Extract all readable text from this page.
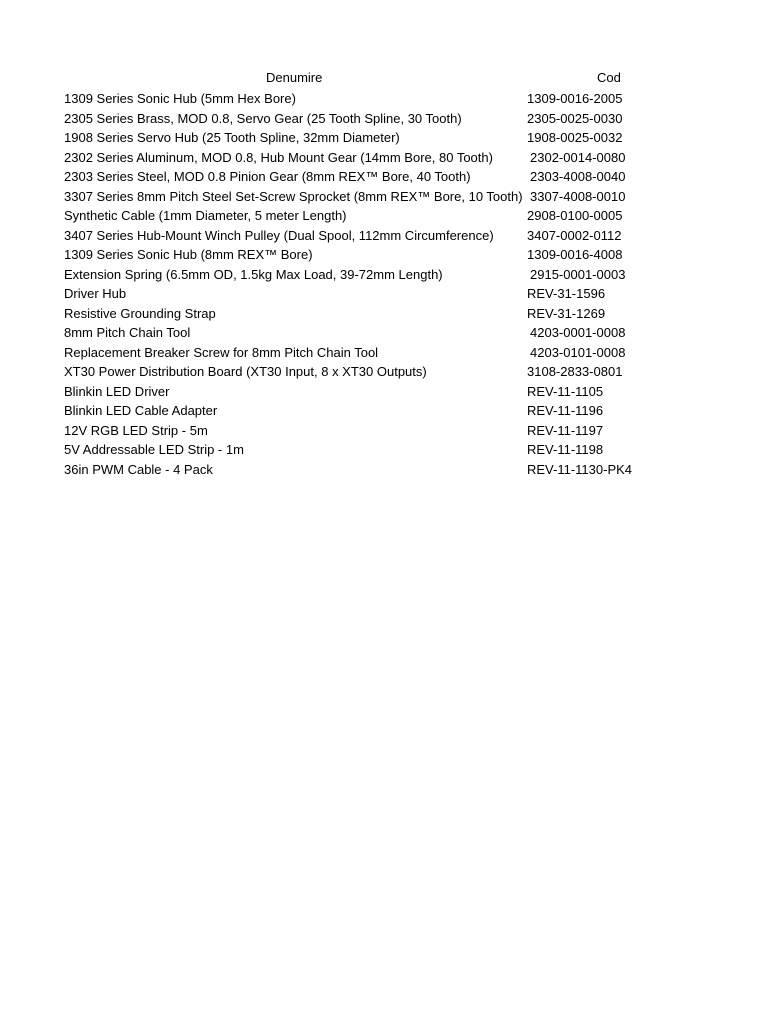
Denumire	Cod
1309 Series Sonic Hub (5mm Hex Bore)	1309-0016-2005
2305 Series Brass, MOD 0.8, Servo Gear (25 Tooth Spline, 30 Tooth)	2305-0025-0030
1908 Series Servo Hub (25 Tooth Spline, 32mm Diameter)	1908-0025-0032
2302 Series Aluminum, MOD 0.8, Hub Mount Gear (14mm Bore, 80 Tooth)	2302-0014-0080
2303 Series Steel, MOD 0.8 Pinion Gear (8mm REX™ Bore, 40 Tooth)	2303-4008-0040
3307 Series 8mm Pitch Steel Set-Screw Sprocket (8mm REX™ Bore, 10 Tooth) 3307-4008-0010
Synthetic Cable (1mm Diameter, 5 meter Length)	2908-0100-0005
3407 Series Hub-Mount Winch Pulley (Dual Spool, 112mm Circumference)	3407-0002-0112
1309 Series Sonic Hub (8mm REX™ Bore)	1309-0016-4008
Extension Spring (6.5mm OD, 1.5kg Max Load, 39-72mm Length)	2915-0001-0003
Driver Hub	REV-31-1596
Resistive Grounding Strap	REV-31-1269
8mm Pitch Chain Tool	4203-0001-0008
Replacement Breaker Screw for 8mm Pitch Chain Tool	4203-0101-0008
XT30 Power Distribution Board (XT30 Input, 8 x XT30 Outputs)	3108-2833-0801
Blinkin LED Driver	REV-11-1105
Blinkin LED Cable Adapter	REV-11-1196
12V RGB LED Strip - 5m	REV-11-1197
5V Addressable LED Strip - 1m	REV-11-1198
36in PWM Cable - 4 Pack	REV-11-1130-PK4
